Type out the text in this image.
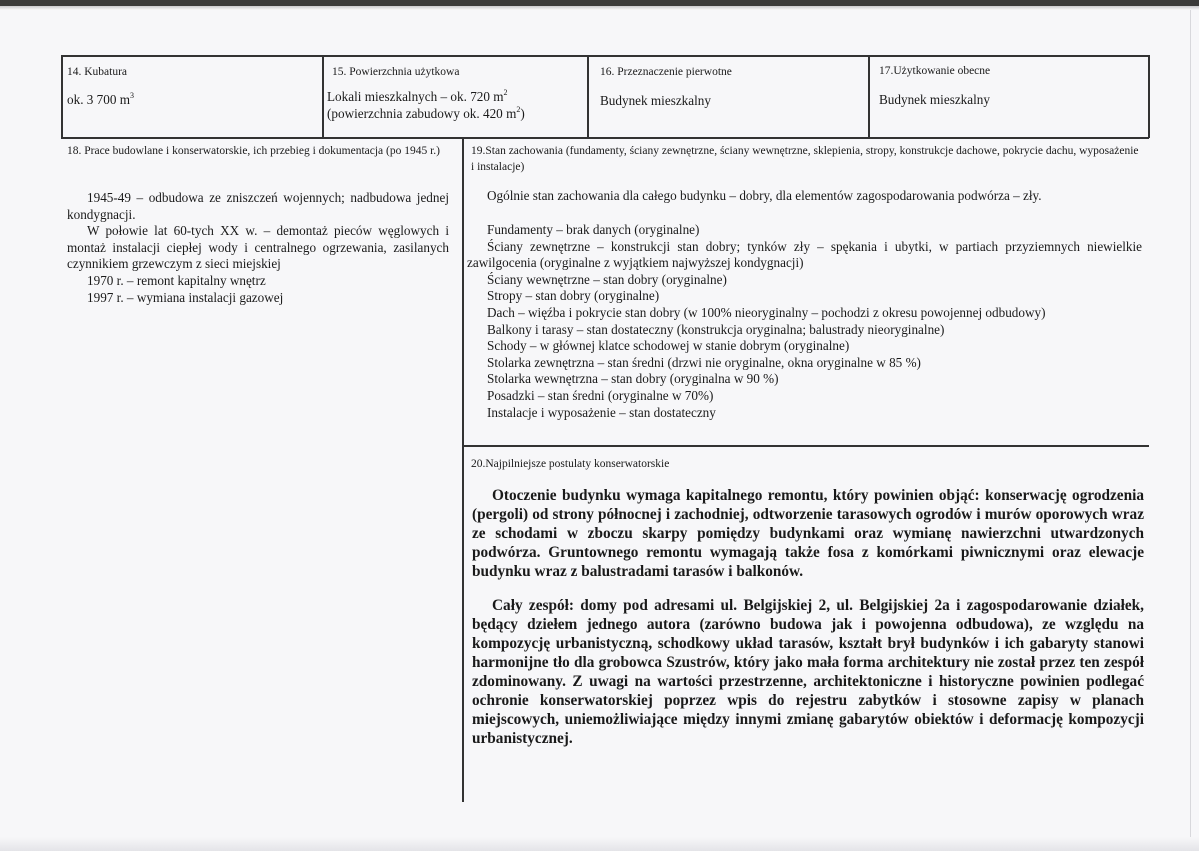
14. Kubatura
ok. 3 700 $m^3$
15. Powierzchnia użytkowa
Lokali mieszkalnych – ok. 720 $m^2$
(powierzchnia zabudowy ok. 420 $m^2$)
16. Przeznaczenie pierwotne
Budynek mieszkalny
17.Użytkowanie obecne
Budynek mieszkalny
18. Prace budowlane i konserwatorskie, ich przebieg i dokumentacja (po 1945 r.)

1945-49 – odbudowa ze zniszczeń wojennych; nadbudowa jednej kondygnacji.

W połowie lat 60-tych XX w. – demontaż pieców węglowych i montaż instalacji ciepłej wody i centralnego ogrzewania, zasilanych czynnikiem grzewczym z sieci miejskiej

1970 r. – remont kapitalny wnętrz

1997 r. – wymiana instalacji gazowej

19.Stan zachowania (fundamenty, ściany zewnętrzne, ściany wewnętrzne, sklepienia, stropy, konstrukcje dachowe, pokrycie dachu, wyposażenie i instalacje)
Ogólnie stan zachowania dla całego budynku – dobry, dla elementów zagospodarowania podwórza – zły.

Fundamenty – brak danych (oryginalne)

Ściany zewnętrzne – konstrukcji stan dobry; tynków zły – spękania i ubytki, w partiach przyziemnych niewielkie zawilgocenia (oryginalne z wyjątkiem najwyższej kondygnacji)

Ściany wewnętrzne – stan dobry (oryginalne)

Stropy – stan dobry (oryginalne)

Dach – więźba i pokrycie stan dobry (w 100% nieoryginalny – pochodzi z okresu powojennej odbudowy)

Balkony i tarasy – stan dostateczny (konstrukcja oryginalna; balustrady nieoryginalne)

Schody – w głównej klatce schodowej w stanie dobrym (oryginalne)

Stolarka zewnętrzna – stan średni (drzwi nie oryginalne, okna oryginalne w 85 %)

Stolarka wewnętrzna – stan dobry (oryginalna w 90 %)

Posadzki – stan średni (oryginalne w 70%)

Instalacje i wyposażenie – stan dostateczny

20.Najpilniejsze postulaty konserwatorskie

Otoczenie budynku wymaga kapitalnego remontu, który powinien objąć: konserwację ogrodzenia (pergoli) od strony północnej i zachodniej, odtworzenie tarasowych ogrodów i murów oporowych wraz ze schodami w zboczu skarpy pomiędzy budynkami oraz wymianę nawierzchni utwardzonych podwórza. Gruntownego remontu wymagają także fosa z komórkami piwnicznymi oraz elewacje budynku wraz z balustradami tarasów i balkonów.

Cały zespół: domy pod adresami ul. Belgijskiej 2, ul. Belgijskiej 2a i zagospodarowanie działek, będący dziełem jednego autora (zarówno budowa jak i powojenna odbudowa), ze względu na kompozycję urbanistyczną, schodkowy układ tarasów, kształt brył budynków i ich gabaryty stanowi harmonijne tło dla grobowca Szustrów, który jako mała forma architektury nie został przez ten zespół zdominowany. Z uwagi na wartości przestrzenne, architektoniczne i historyczne powinien podlegać ochronie konserwatorskiej poprzez wpis do rejestru zabytków i stosowne zapisy w planach miejscowych, uniemożliwiające między innymi zmianę gabarytów obiektów i deformację kompozycji urbanistycznej.
